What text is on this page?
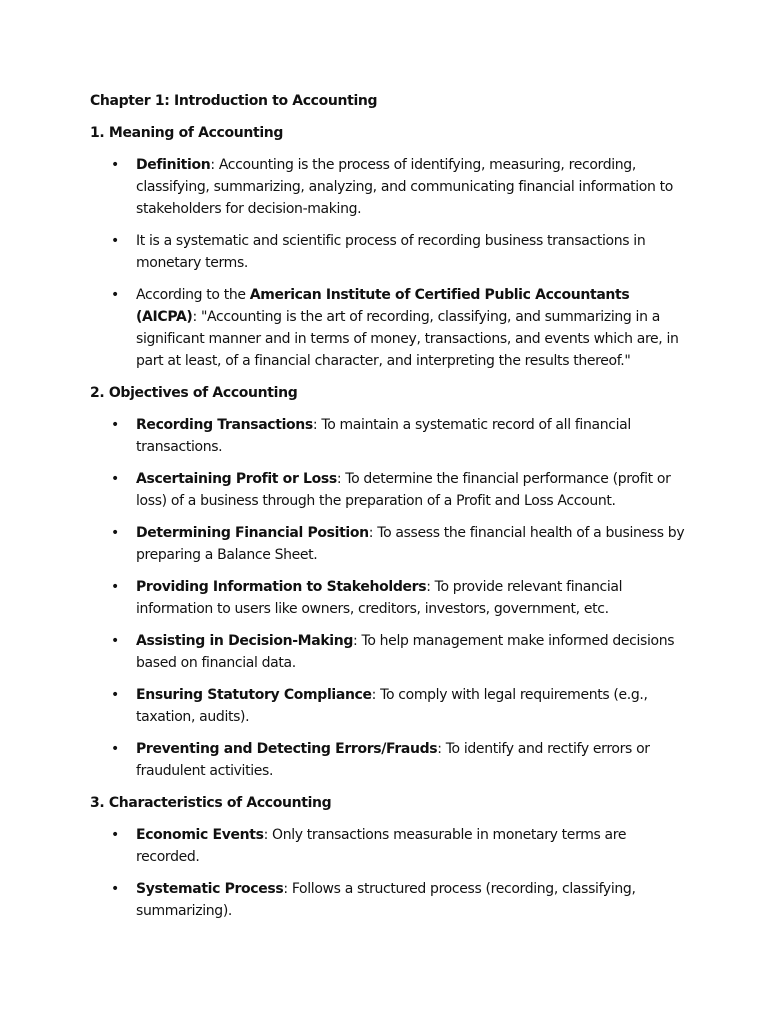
Chapter 1: Introduction to Accounting
1. Meaning of Accounting
• Definition: Accounting is the process of identifying, measuring, recording, classifying, summarizing, analyzing, and communicating financial information to stakeholders for decision-making.
• It is a systematic and scientific process of recording business transactions in monetary terms.
• According to the American Institute of Certified Public Accountants (AICPA): "Accounting is the art of recording, classifying, and summarizing in a significant manner and in terms of money, transactions, and events which are, in part at least, of a financial character, and interpreting the results thereof."
2. Objectives of Accounting
• Recording Transactions: To maintain a systematic record of all financial transactions.
• Ascertaining Profit or Loss: To determine the financial performance (profit or loss) of a business through the preparation of a Profit and Loss Account.
• Determining Financial Position: To assess the financial health of a business by preparing a Balance Sheet.
• Providing Information to Stakeholders: To provide relevant financial information to users like owners, creditors, investors, government, etc.
• Assisting in Decision-Making: To help management make informed decisions based on financial data.
• Ensuring Statutory Compliance: To comply with legal requirements (e.g., taxation, audits).
• Preventing and Detecting Errors/Frauds: To identify and rectify errors or fraudulent activities.
3. Characteristics of Accounting
• Economic Events: Only transactions measurable in monetary terms are recorded.
• Systematic Process: Follows a structured process (recording, classifying, summarizing).
